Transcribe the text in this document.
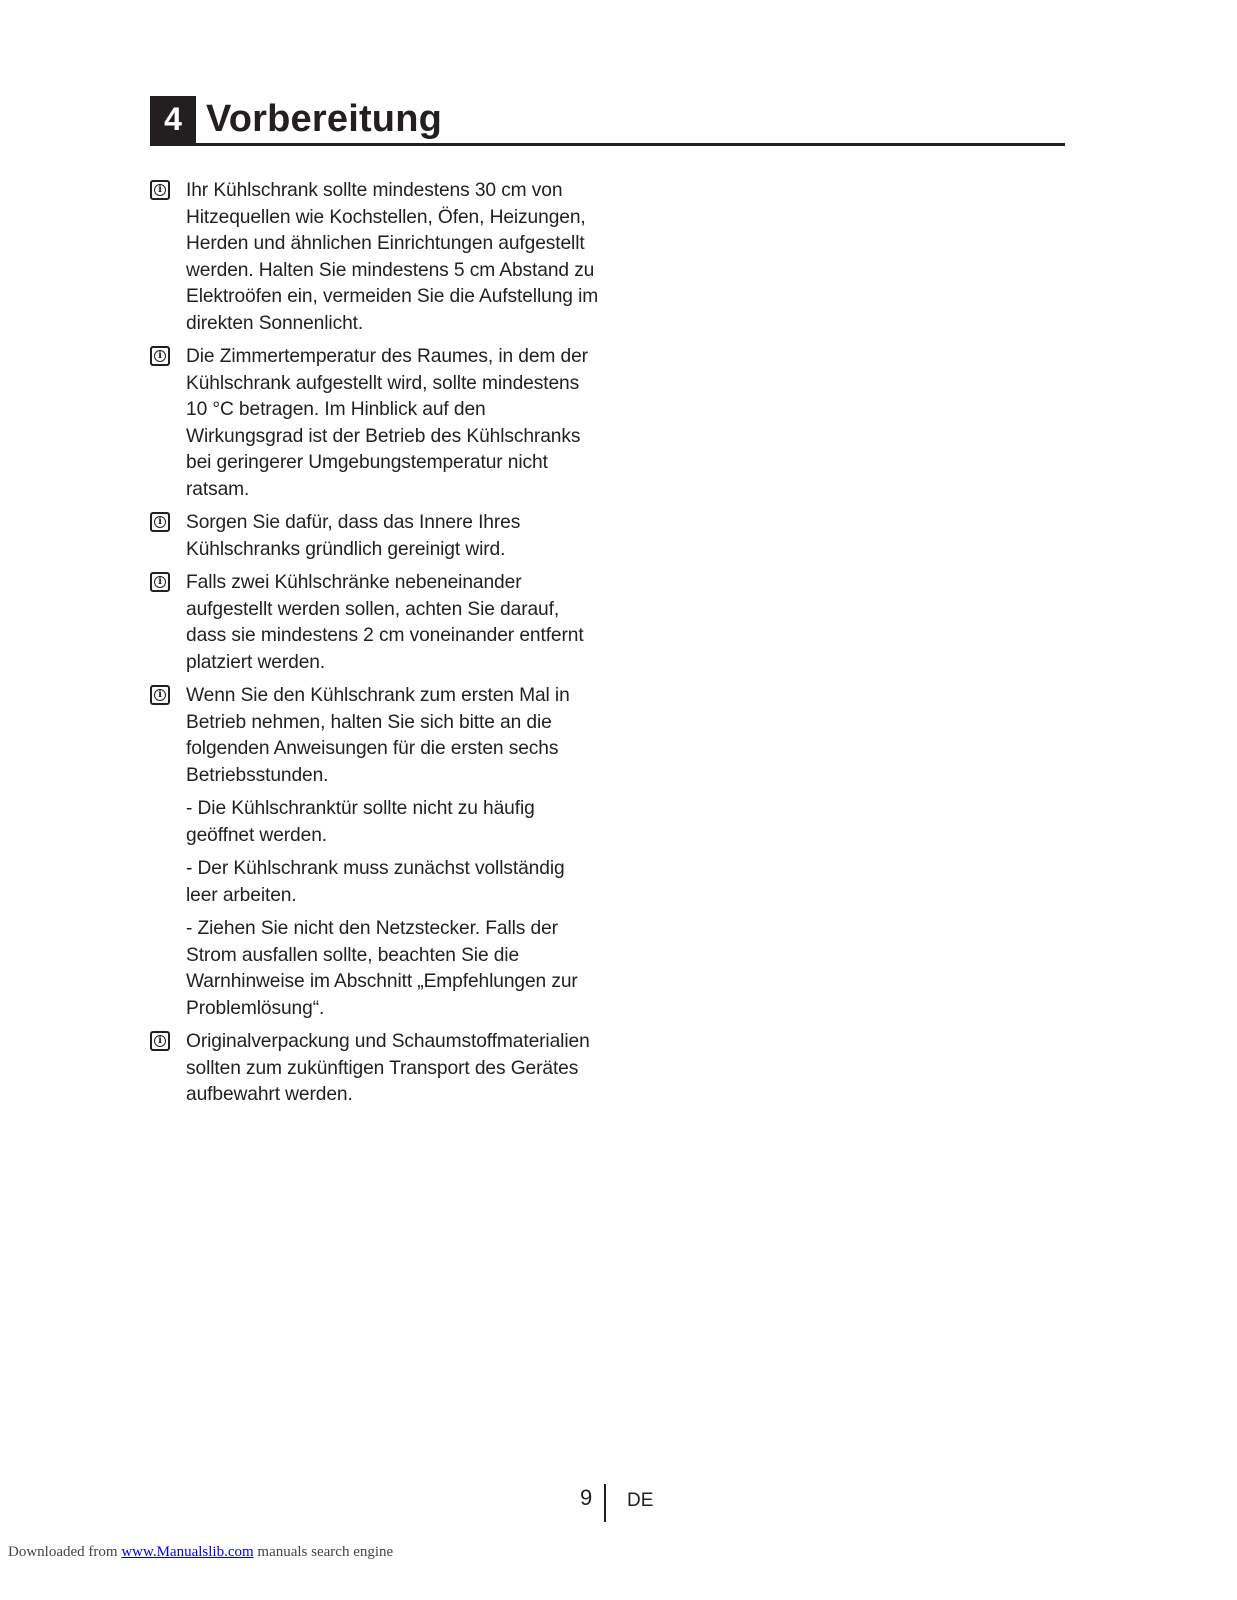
4 Vorbereitung
i

Ihr Kühlschrank sollte mindestens 30 cm von Hitzequellen wie Kochstellen, Öfen, Heizungen, Herden und ähnlichen Einrichtungen aufgestellt werden. Halten Sie mindestens 5 cm Abstand zu Elektroöfen ein, vermeiden Sie die Aufstellung im direkten Sonnenlicht.

i

Die Zimmertemperatur des Raumes, in dem der Kühlschrank aufgestellt wird, sollte mindestens 10 °C betragen. Im Hinblick auf den Wirkungsgrad ist der Betrieb des Kühlschranks bei geringerer Umgebungstemperatur nicht ratsam.

i

Sorgen Sie dafür, dass das Innere Ihres Kühlschranks gründlich gereinigt wird.

i

Falls zwei Kühlschränke nebeneinander aufgestellt werden sollen, achten Sie darauf, dass sie mindestens 2 cm voneinander entfernt platziert werden.

i

Wenn Sie den Kühlschrank zum ersten Mal in Betrieb nehmen, halten Sie sich bitte an die folgenden Anweisungen für die ersten sechs Betriebsstunden.

- Die Kühlschranktür sollte nicht zu häufig geöffnet werden.

- Der Kühlschrank muss zunächst vollständig leer arbeiten.

- Ziehen Sie nicht den Netzstecker. Falls der Strom ausfallen sollte, beachten Sie die Warnhinweise im Abschnitt „Empfehlungen zur Problemlösung“.

i

Originalverpackung und Schaumstoffmaterialien sollten zum zukünftigen Transport des Gerätes aufbewahrt werden.

9 DE
Downloaded from www.Manualslib.com manuals search engine
